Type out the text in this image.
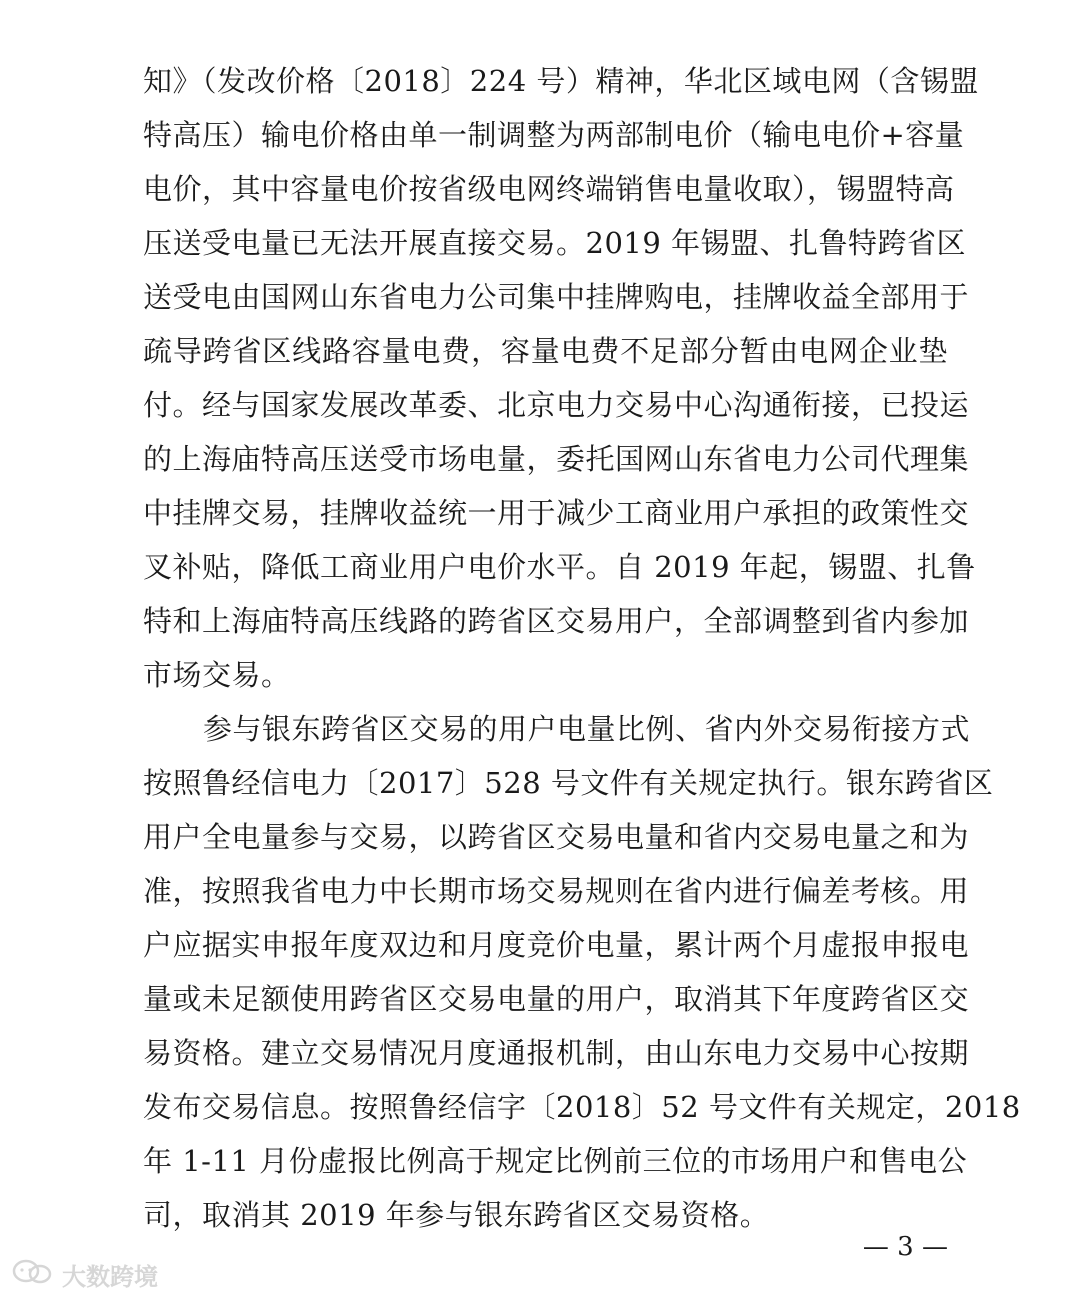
知》（发改价格〔2018〕224 号）精神，华北区域电网（含锡盟
特高压）输电价格由单一制调整为两部制电价（输电电价+容量
电价，其中容量电价按省级电网终端销售电量收取），锡盟特高
压送受电量已无法开展直接交易。2019 年锡盟、扎鲁特跨省区
送受电由国网山东省电力公司集中挂牌购电，挂牌收益全部用于
疏导跨省区线路容量电费，容量电费不足部分暂由电网企业垫
付。经与国家发展改革委、北京电力交易中心沟通衔接，已投运
的上海庙特高压送受市场电量，委托国网山东省电力公司代理集
中挂牌交易，挂牌收益统一用于减少工商业用户承担的政策性交
叉补贴，降低工商业用户电价水平。自 2019 年起，锡盟、扎鲁
特和上海庙特高压线路的跨省区交易用户，全部调整到省内参加
市场交易。
参与银东跨省区交易的用户电量比例、省内外交易衔接方式
按照鲁经信电力〔2017〕528 号文件有关规定执行。银东跨省区
用户全电量参与交易，以跨省区交易电量和省内交易电量之和为
准，按照我省电力中长期市场交易规则在省内进行偏差考核。用
户应据实申报年度双边和月度竞价电量，累计两个月虚报申报电
量或未足额使用跨省区交易电量的用户，取消其下年度跨省区交
易资格。建立交易情况月度通报机制，由山东电力交易中心按期
发布交易信息。按照鲁经信字〔2018〕52 号文件有关规定，2018
年 1-11 月份虚报比例高于规定比例前三位的市场用户和售电公
司，取消其 2019 年参与银东跨省区交易资格。
— 3 —
大数跨境
